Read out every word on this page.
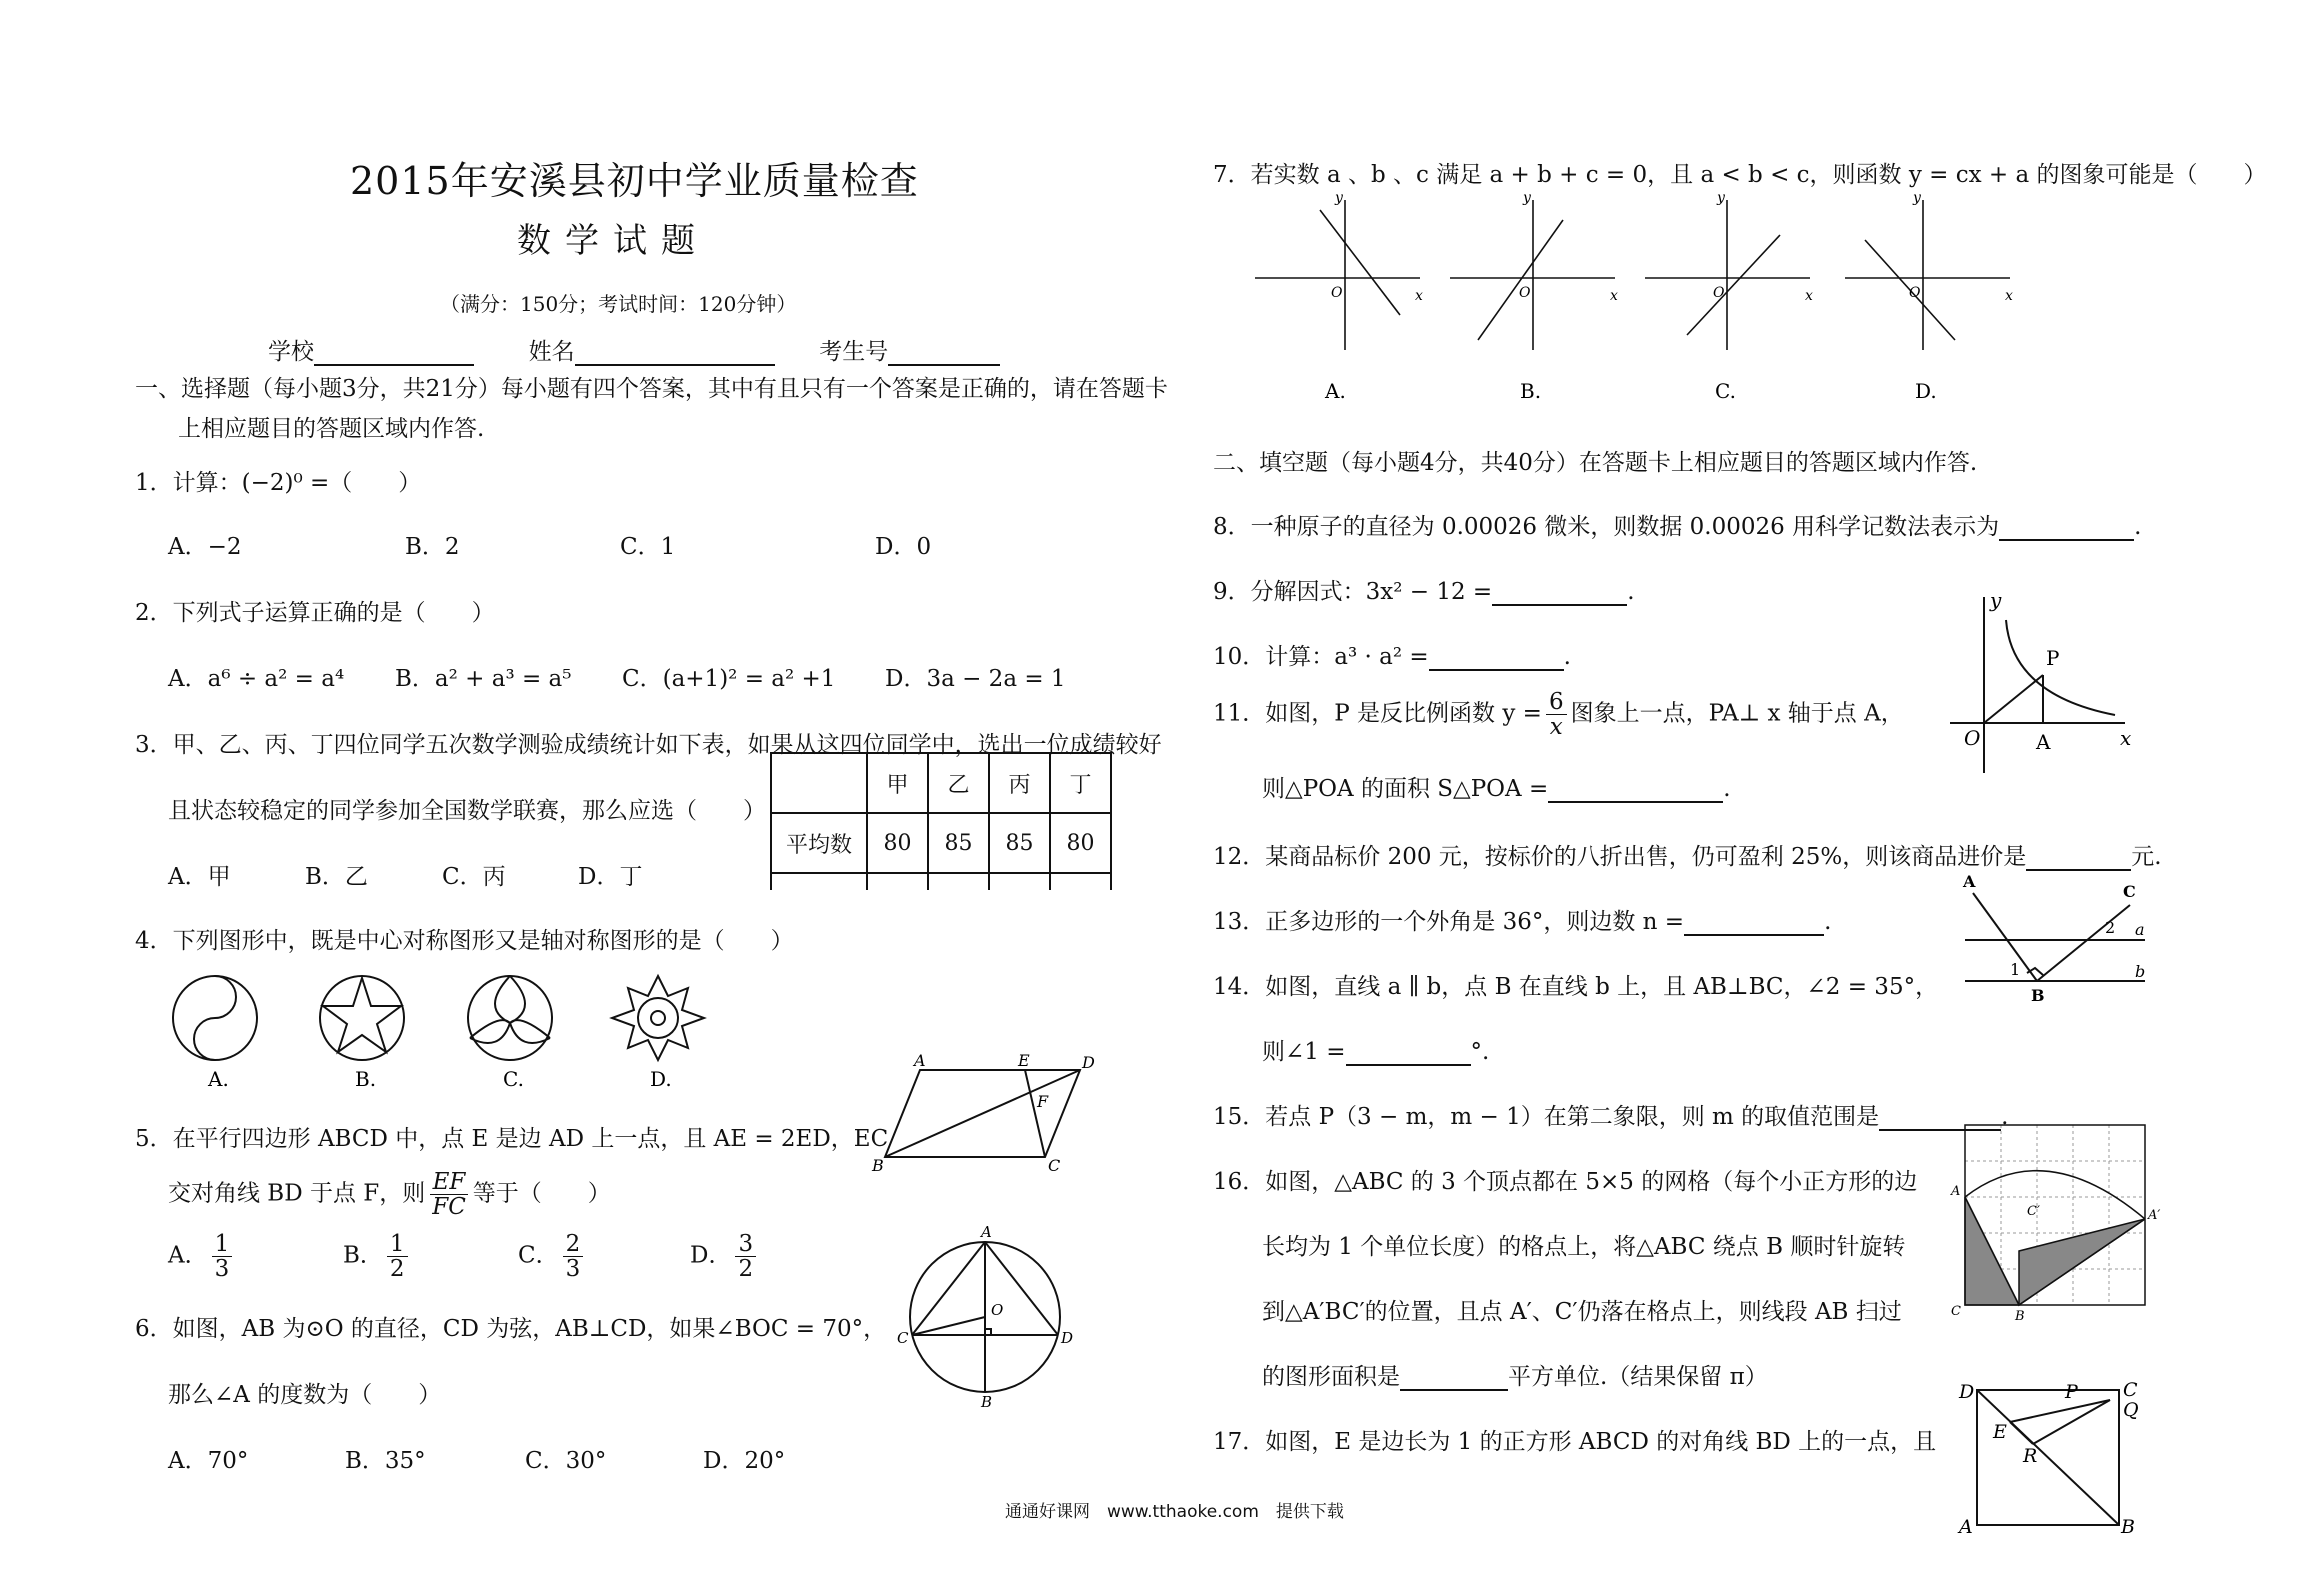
2015年安溪县初中学业质量检查
数学试题
（满分：150分；考试时间：120分钟）
学校	姓名	考生号
一、选择题（每小题3分，共21分）每小题有四个答案，其中有且只有一个答案是正确的，请在答题卡
上相应题目的答题区域内作答.
1．计算：(−2)⁰ =（　　）
A．−2	B．2	C．1	D．0
2．下列式子运算正确的是（　　）
A．a⁶ ÷ a² = a⁴ B．a² + a³ = a⁵ C．(a+1)² = a² +1 D．3a − 2a = 1
3．甲、乙、丙、丁四位同学五次数学测验成绩统计如下表，如果从这四位同学中，选出一位成绩较好
且状态较稳定的同学参加全国数学联赛，那么应选（　　）
A．甲	B．乙	C．丙	D．丁
	甲	乙	丙	丁
平均数	80	85	85	80

4．下列图形中，既是中心对称图形又是轴对称图形的是（　　）
A.	B.	C.	D.
5．在平行四边形 ABCD 中，点 E 是边 AD 上一点，且 AE = 2ED，EC
交对角线 BD 于点 F，则 $\frac{EF}{FC}$ 等于（　　）
A． $\frac{1}{3}$	B． $\frac{1}{2}$	C． $\frac{2}{3}$	D． $\frac{3}{2}$
A	E	D
F
B	C
6．如图，AB 为⊙O 的直径，CD 为弦，AB⊥CD，如果∠BOC = 70°，
那么∠A 的度数为（　　）
A．70°	B．35°	C．30°	D．20°
A
O
C	D
B
7．若实数 a 、b 、c 满足 a + b + c = 0，且 a < b < c，则函数 y = cx + a 的图象可能是（　　）
x
y
O	x
y
O	x
y
O	x
y
O
A.	B.	C.	D.
二、填空题（每小题4分，共40分）在答题卡上相应题目的答题区域内作答.
8．一种原子的直径为 0.00026 微米，则数据 0.00026 用科学记数法表示为	.
9．分解因式：3x² − 12 =	.
10．计算：a³ · a² =	.
11．如图，P 是反比例函数 $y = \frac{6}{x}$ 图象上一点，PA⊥ x 轴于点 A，
则△POA 的面积 S△POA =	.
y
P
O	A	x
12．某商品标价 200 元，按标价的八折出售，仍可盈利 25%，则该商品进价是	元.
13．正多边形的一个外角是 36°，则边数 n =	.
A
C
2 a
1	b
B
14．如图，直线 a ∥ b，点 B 在直线 b 上，且 AB⊥BC，∠2 = 35°，
则∠1 =	°.
15．若点 P（3 − m，m − 1）在第二象限，则 m 的取值范围是	.
16．如图，△ABC 的 3 个顶点都在 5×5 的网格（每个小正方形的边
长均为 1 个单位长度）的格点上，将△ABC 绕点 B 顺时针旋转
到△A′BC′的位置，且点 A′、C′仍落在格点上，则线段 AB 扫过
的图形面积是	平方单位.（结果保留 π）
A
C′	A′
C	B
17．如图，E 是边长为 1 的正方形 ABCD 的对角线 BD 上的一点，且
D	P C
Q
E
R
A	B
通通好课网　www.tthaoke.com　提供下载
